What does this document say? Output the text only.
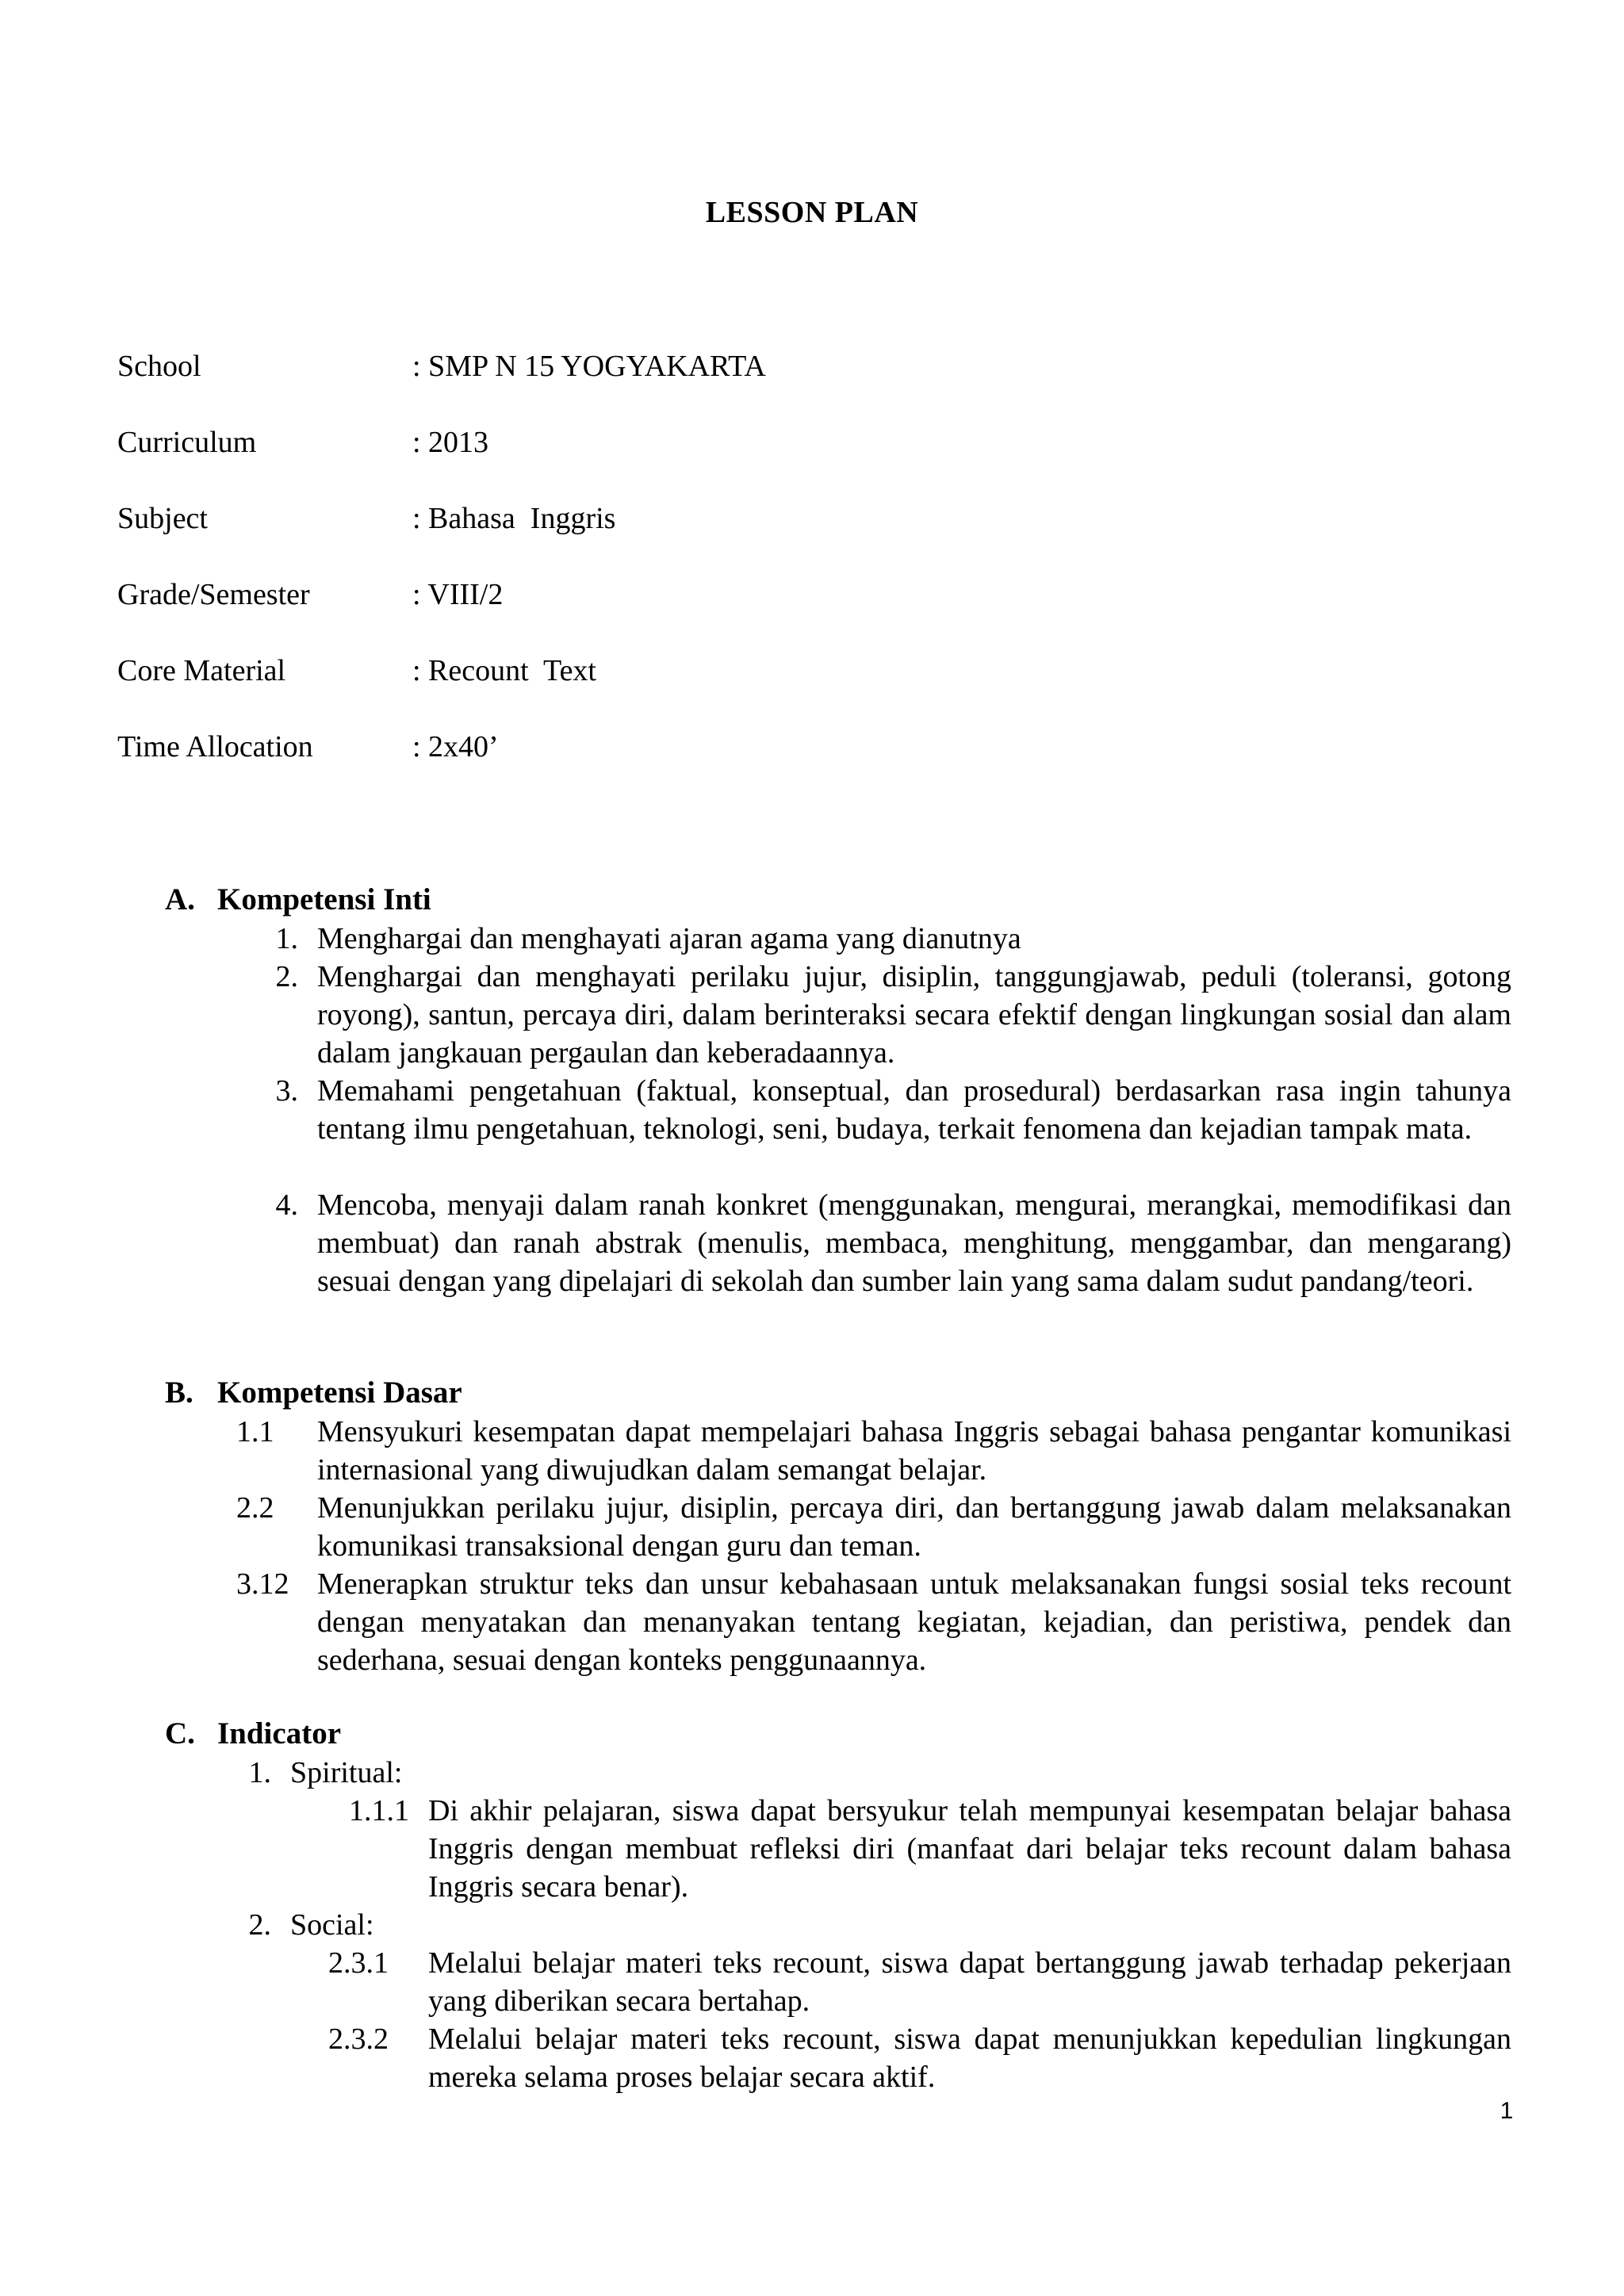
LESSON PLAN
School	: SMP N 15 YOGYAKARTA
Curriculum	: 2013
Subject	: Bahasa  Inggris
Grade/Semester	: VIII/2
Core Material	: Recount  Text
Time Allocation	: 2x40’
A. Kompetensi Inti
1. Menghargai dan menghayati ajaran agama yang dianutnya
2. Menghargai dan menghayati perilaku jujur, disiplin, tanggungjawab, peduli (toleransi, gotong royong), santun, percaya diri, dalam berinteraksi secara efektif dengan lingkungan sosial dan alam dalam jangkauan pergaulan dan keberadaannya.
3. Memahami pengetahuan (faktual, konseptual, dan prosedural) berdasarkan rasa ingin tahunya tentang ilmu pengetahuan, teknologi, seni, budaya, terkait fenomena dan kejadian tampak mata.
4. Mencoba, menyaji dalam ranah konkret (menggunakan, mengurai, merangkai, memodifikasi dan membuat) dan ranah abstrak (menulis, membaca, menghitung, menggambar, dan mengarang) sesuai dengan yang dipelajari di sekolah dan sumber lain yang sama dalam sudut pandang/teori.
B. Kompetensi Dasar
1.1	Mensyukuri kesempatan dapat mempelajari bahasa Inggris sebagai bahasa pengantar komunikasi internasional yang diwujudkan dalam semangat belajar.
2.2	Menunjukkan perilaku jujur, disiplin, percaya diri, dan bertanggung jawab dalam melaksanakan komunikasi transaksional dengan guru dan teman.
3.12 Menerapkan struktur teks dan unsur kebahasaan untuk melaksanakan fungsi sosial teks recount dengan menyatakan dan menanyakan tentang kegiatan, kejadian, dan peristiwa, pendek dan sederhana, sesuai dengan konteks penggunaannya.
C. Indicator
1. Spiritual:
1.1.1 Di akhir pelajaran, siswa dapat bersyukur telah mempunyai kesempatan belajar bahasa Inggris dengan membuat refleksi diri (manfaat dari belajar teks recount dalam bahasa Inggris secara benar).
2. Social:
2.3.1	Melalui belajar materi teks recount, siswa dapat bertanggung jawab terhadap pekerjaan yang diberikan secara bertahap.
2.3.2	Melalui belajar materi teks recount, siswa dapat menunjukkan kepedulian lingkungan mereka selama proses belajar secara aktif.
1
